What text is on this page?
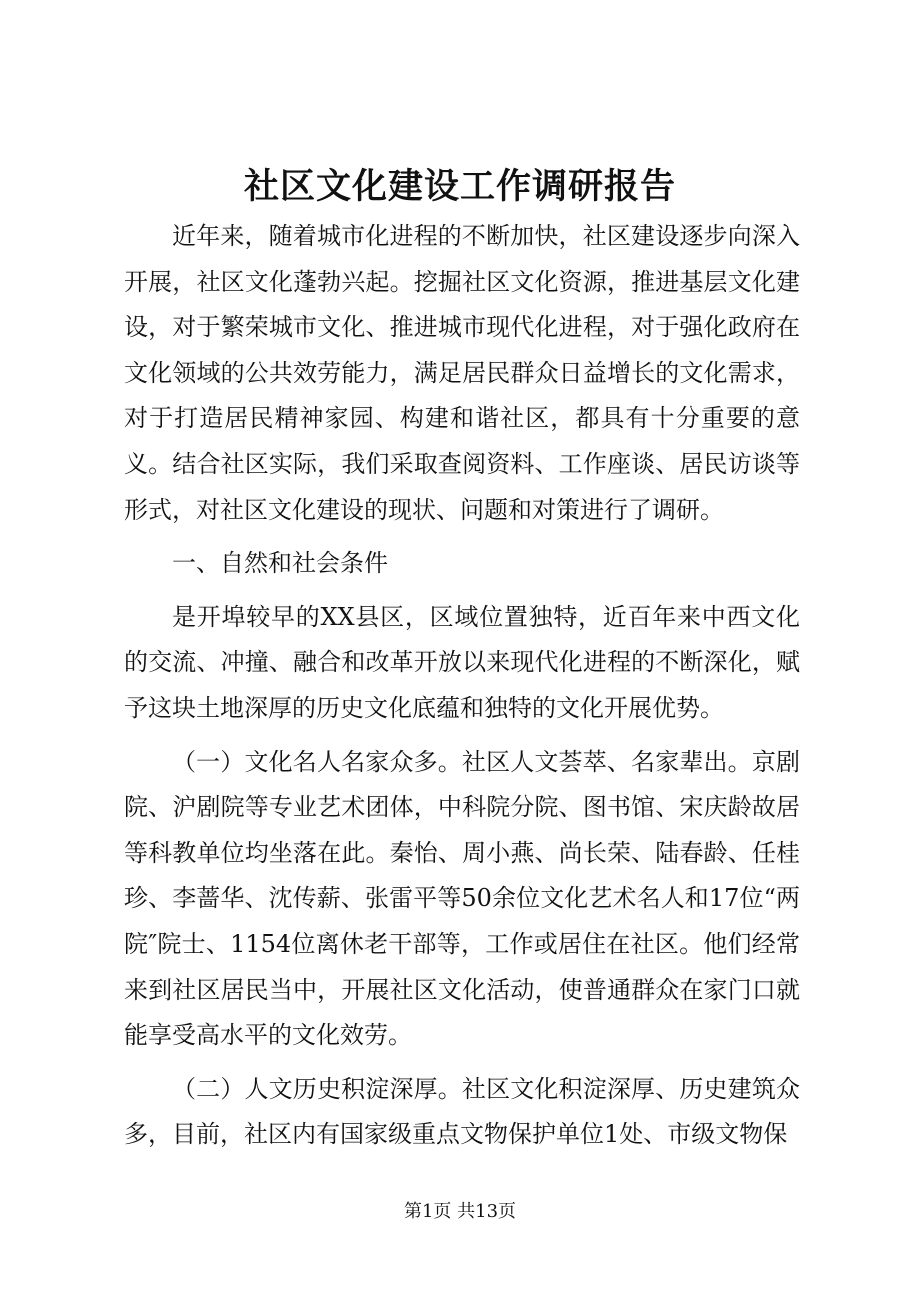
社区文化建设工作调研报告

近年来，随着城市化进程的不断加快，社区建设逐步向深入开展，社区文化蓬勃兴起。挖掘社区文化资源，推进基层文化建设，对于繁荣城市文化、推进城市现代化进程，对于强化政府在文化领域的公共效劳能力，满足居民群众日益增长的文化需求，对于打造居民精神家园、构建和谐社区，都具有十分重要的意义。结合社区实际，我们采取查阅资料、工作座谈、居民访谈等形式，对社区文化建设的现状、问题和对策进行了调研。

一、自然和社会条件

是开埠较早的XX县区，区域位置独特，近百年来中西文化的交流、冲撞、融合和改革开放以来现代化进程的不断深化，赋予这块土地深厚的历史文化底蕴和独特的文化开展优势。

（一）文化名人名家众多。社区人文荟萃、名家辈出。京剧院、沪剧院等专业艺术团体，中科院分院、图书馆、宋庆龄故居等科教单位均坐落在此。秦怡、周小燕、尚长荣、陆春龄、任桂珍、李蔷华、沈传薪、张雷平等50余位文化艺术名人和17位“两院″院士、1154位离休老干部等，工作或居住在社区。他们经常来到社区居民当中，开展社区文化活动，使普通群众在家门口就能享受高水平的文化效劳。

（二）人文历史积淀深厚。社区文化积淀深厚、历史建筑众多，目前，社区内有国家级重点文物保护单位1处、市级文物保

第1页 共13页
